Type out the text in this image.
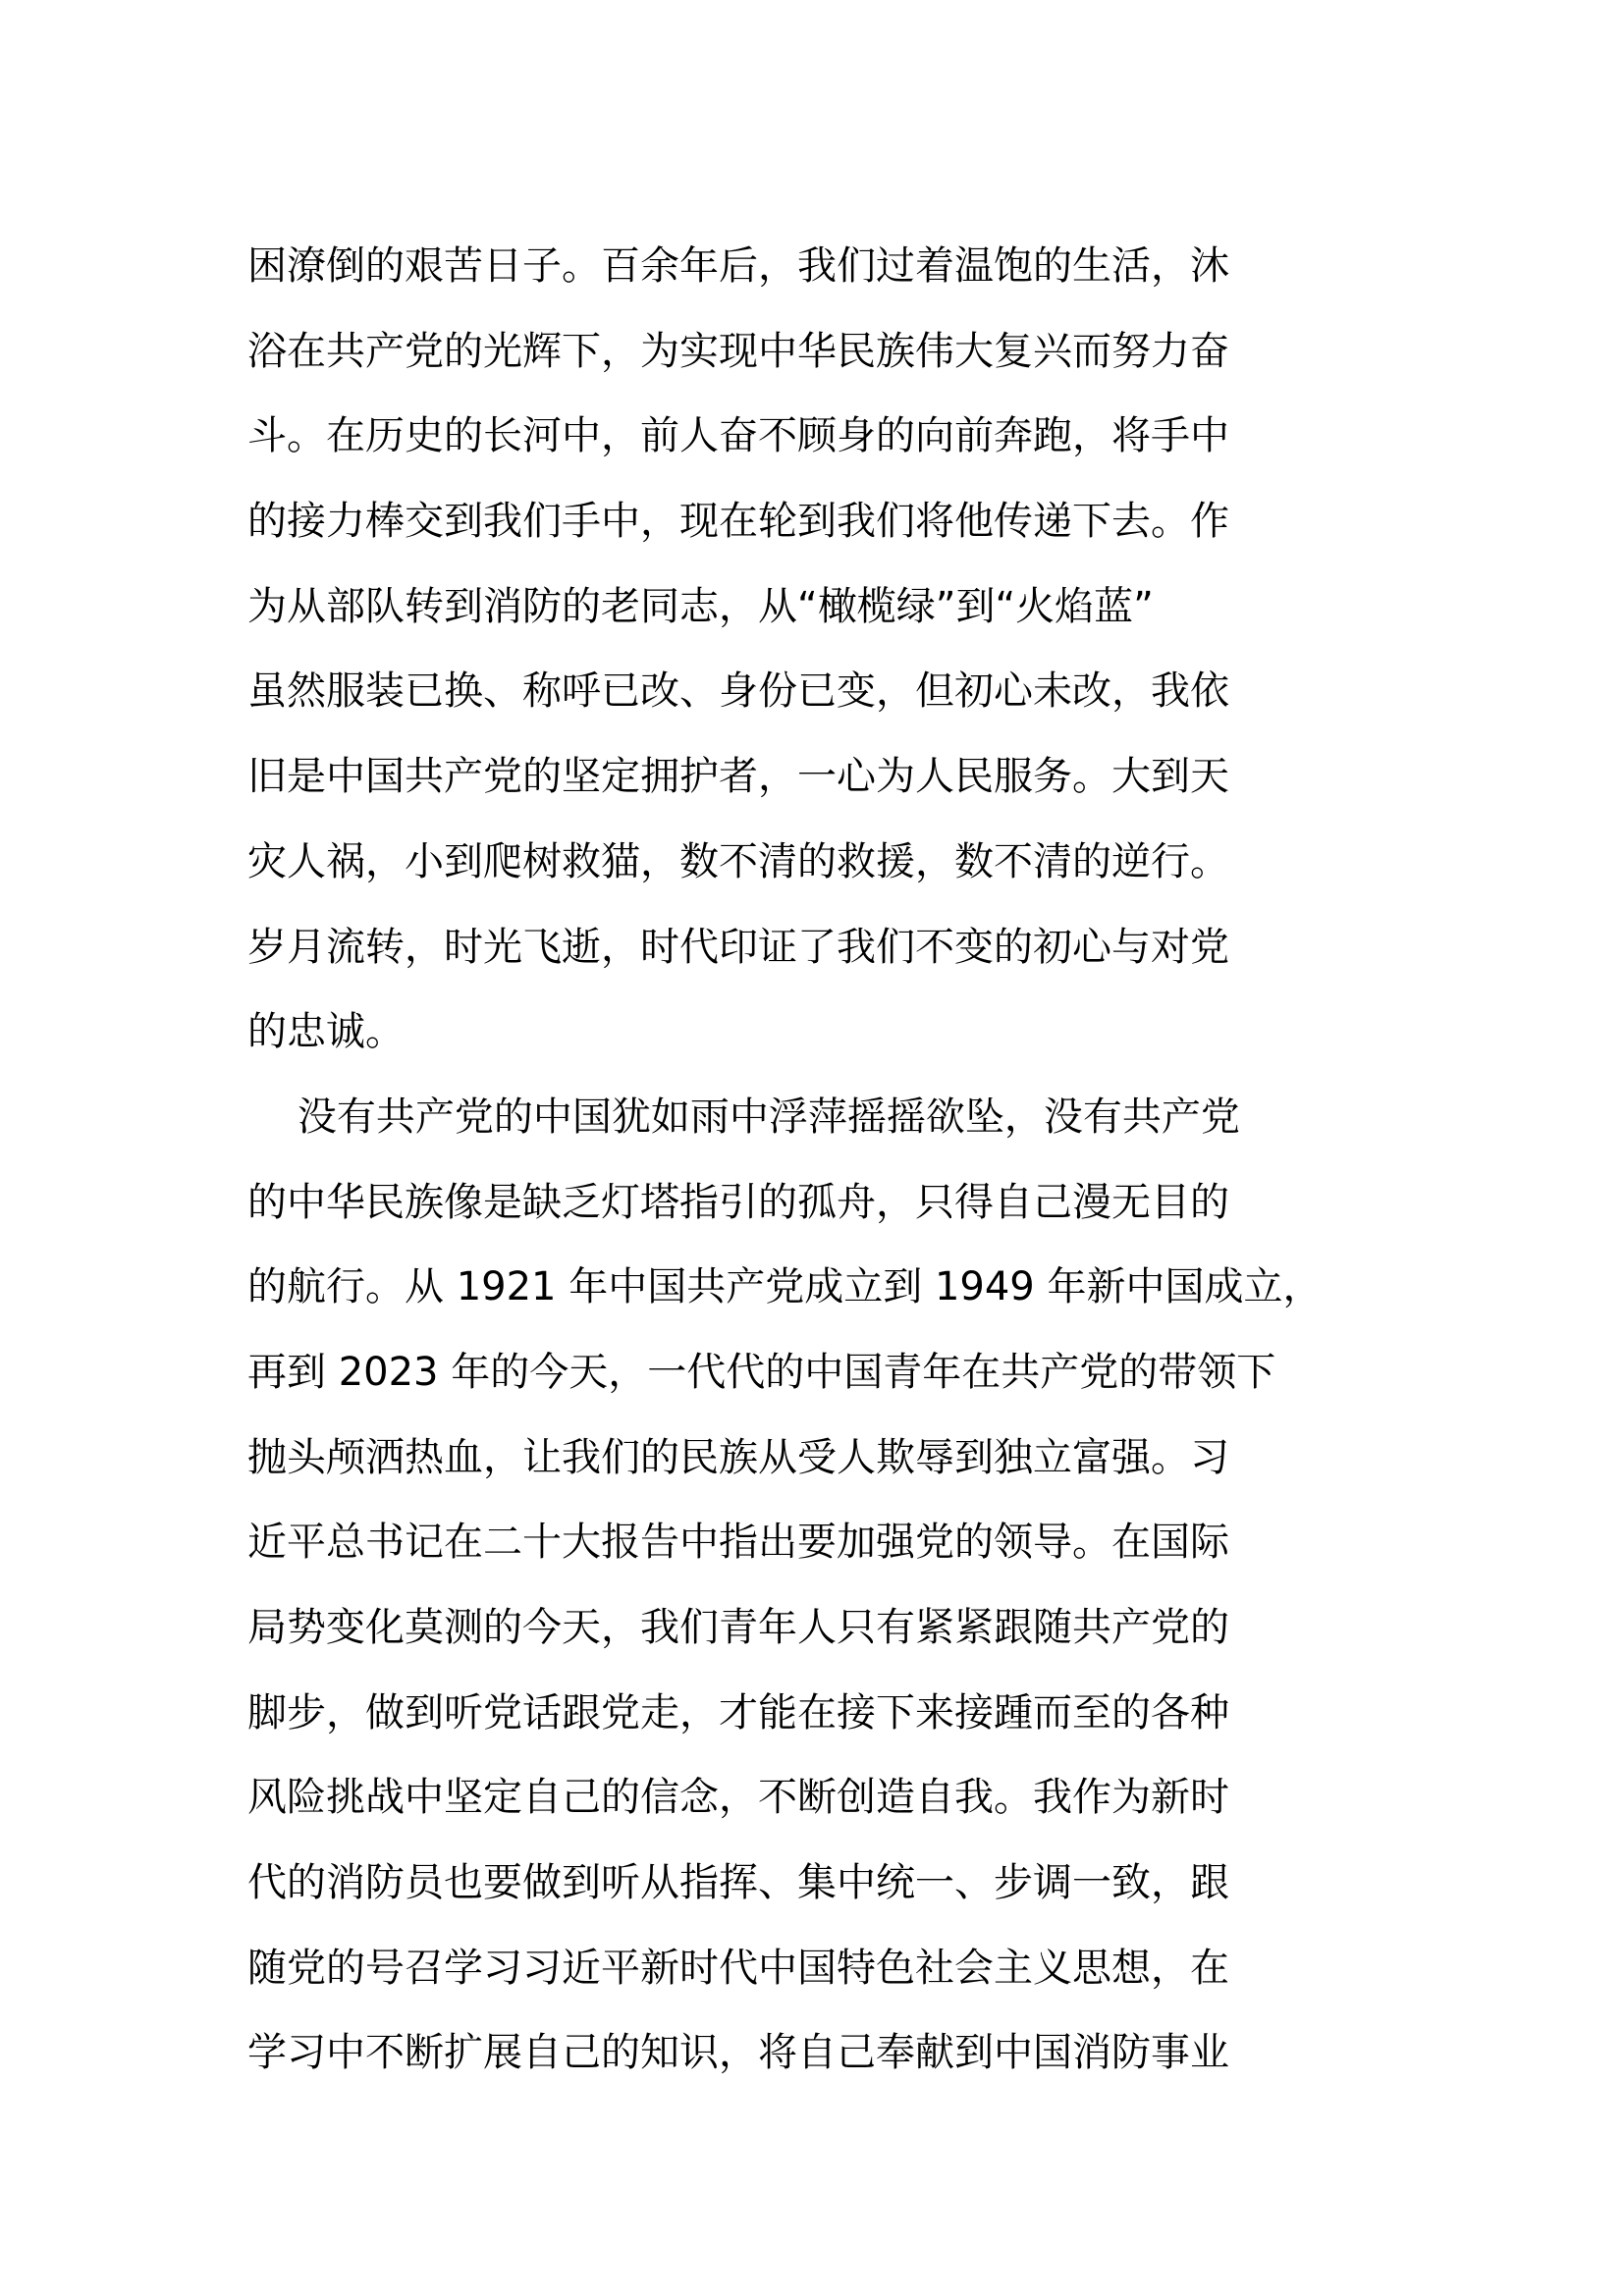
困潦倒的艰苦日子。百余年后，我们过着温饱的生活，沐
浴在共产党的光辉下，为实现中华民族伟大复兴而努力奋
斗。在历史的长河中，前人奋不顾身的向前奔跑，将手中
的接力棒交到我们手中，现在轮到我们将他传递下去。作
为从部队转到消防的老同志，从“橄榄绿”到“火焰蓝”
虽然服装已换、称呼已改、身份已变，但初心未改，我依
旧是中国共产党的坚定拥护者，一心为人民服务。大到天
灾人祸，小到爬树救猫，数不清的救援，数不清的逆行。
岁月流转，时光飞逝，时代印证了我们不变的初心与对党
的忠诚。
没有共产党的中国犹如雨中浮萍摇摇欲坠，没有共产党
的中华民族像是缺乏灯塔指引的孤舟，只得自己漫无目的
的航行。从 1921 年中国共产党成立到 1949 年新中国成立，
再到 2023 年的今天，一代代的中国青年在共产党的带领下
抛头颅洒热血，让我们的民族从受人欺辱到独立富强。习
近平总书记在二十大报告中指出要加强党的领导。在国际
局势变化莫测的今天，我们青年人只有紧紧跟随共产党的
脚步，做到听党话跟党走，才能在接下来接踵而至的各种
风险挑战中坚定自己的信念，不断创造自我。我作为新时
代的消防员也要做到听从指挥、集中统一、步调一致，跟
随党的号召学习习近平新时代中国特色社会主义思想，在
学习中不断扩展自己的知识，将自己奉献到中国消防事业
